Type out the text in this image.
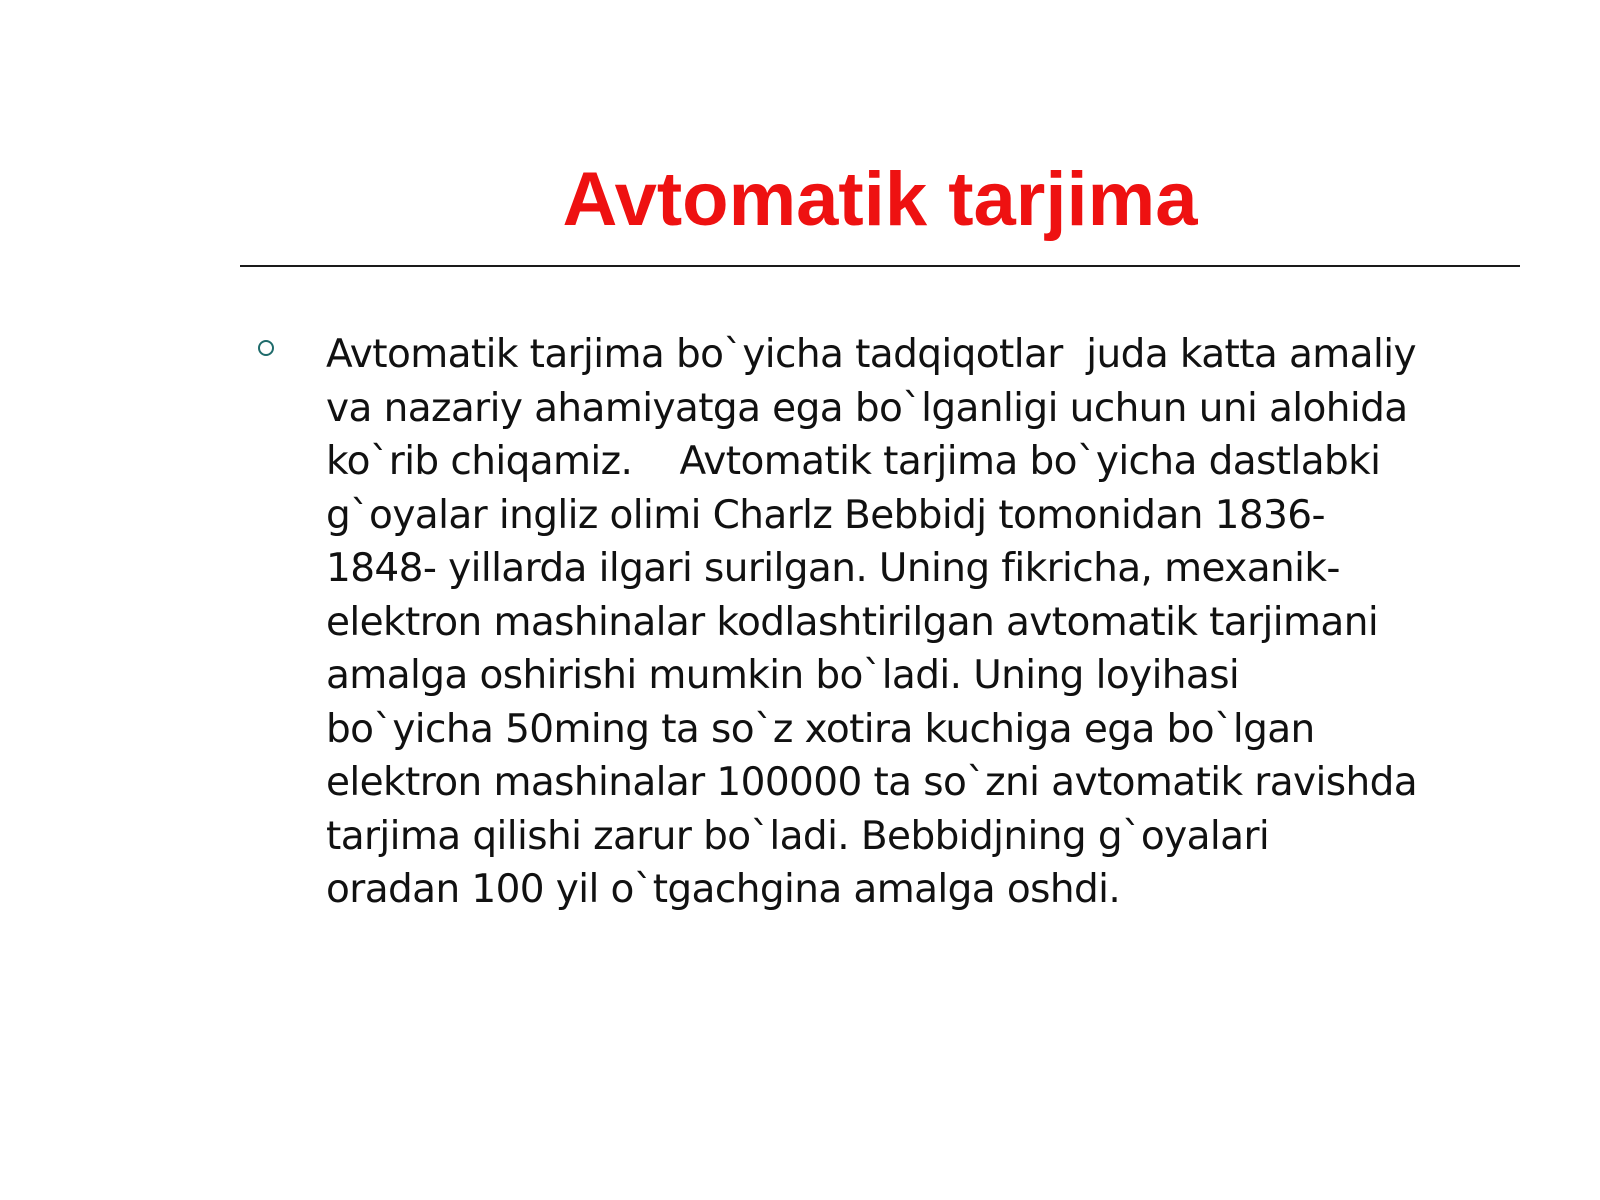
Avtomatik tarjima
Avtomatik tarjima bo`yicha tadqiqotlar  juda katta amaliy
va nazariy ahamiyatga ega bo`lganligi uchun uni alohida
ko`rib chiqamiz.    Avtomatik tarjima bo`yicha dastlabki
g`oyalar ingliz olimi Charlz Bebbidj tomonidan 1836-
1848- yillarda ilgari surilgan. Uning fikricha, mexanik-
elektron mashinalar kodlashtirilgan avtomatik tarjimani
amalga oshirishi mumkin bo`ladi. Uning loyihasi
bo`yicha 50ming ta so`z xotira kuchiga ega bo`lgan
elektron mashinalar 100000 ta so`zni avtomatik ravishda
tarjima qilishi zarur bo`ladi. Bebbidjning g`oyalari
oradan 100 yil o`tgachgina amalga oshdi.
